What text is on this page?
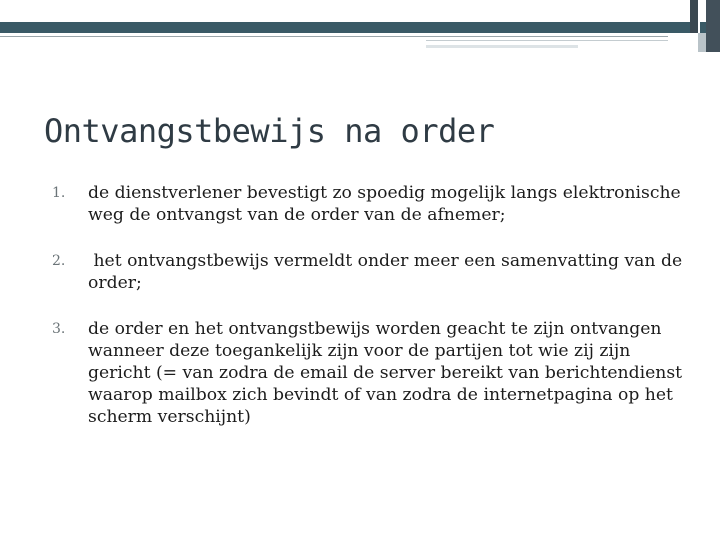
Ontvangstbewijs na order
1.	de dienstverlener bevestigt zo spoedig mogelijk langs elektronische weg de ontvangst van de order van de afnemer;
2.	het ontvangstbewijs vermeldt onder meer een samenvatting van de order;
3.	de order en het ontvangstbewijs worden geacht te zijn ontvangen wanneer deze toegankelijk zijn voor de partijen tot wie zij zijn gericht (= van zodra de email de server bereikt van berichtendienst waarop mailbox zich bevindt of van zodra de internetpagina op het scherm verschijnt)
